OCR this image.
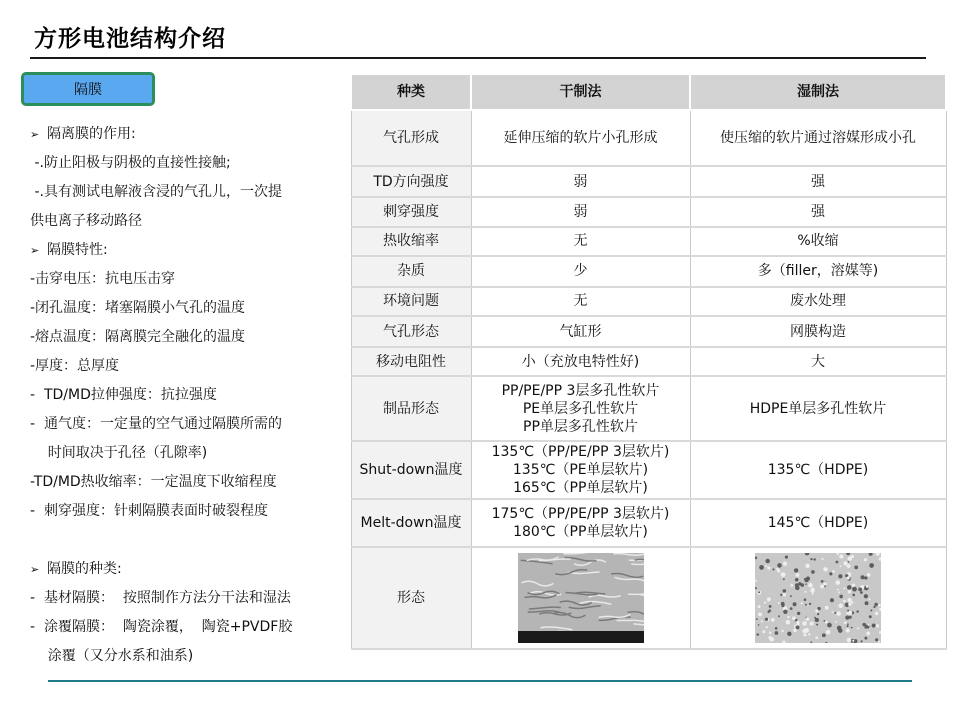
方形电池结构介绍
隔膜
➢ 隔离膜的作用:
-.防止阳极与阴极的直接性接触;
-.具有测试电解液含浸的气孔儿，一次提
供电离子移动路径
➢ 隔膜特性:
-击穿电压：抗电压击穿
-闭孔温度：堵塞隔膜小气孔的温度
-熔点温度：隔离膜完全融化的温度
-厚度：总厚度
-  TD/MD拉伸强度：抗拉强度
-  通气度：一定量的空气通过隔膜所需的
时间取决于孔径（孔隙率)
-TD/MD热收缩率：一定温度下收缩程度
-  刺穿强度：针刺隔膜表面时破裂程度
➢ 隔膜的种类:
-  基材隔膜：  按照制作方法分干法和湿法
-  涂覆隔膜：  陶瓷涂覆，  陶瓷+PVDF胶
涂覆（又分水系和油系)
种类	干制法	湿制法
气孔形成	延伸压缩的软片小孔形成	使压缩的软片通过溶媒形成小孔
TD方向强度	弱	强
刺穿强度	弱	强
热收缩率	无	%收缩
杂质	少	多（filler，溶媒等)
环境问题	无	废水处理
气孔形态	气缸形	网膜构造
移动电阻性	小（充放电特性好)	大
制品形态	PP/PE/PP 3层多孔性软片
PE单层多孔性软片
PP单层多孔性软片	HDPE单层多孔性软片
Shut-down温度	135℃（PP/PE/PP 3层软片)
135℃（PE单层软片)
165℃（PP单层软片)	135℃（HDPE)
Melt-down温度	175℃（PP/PE/PP 3层软片)
180℃（PP单层软片)	145℃（HDPE)
形态	
